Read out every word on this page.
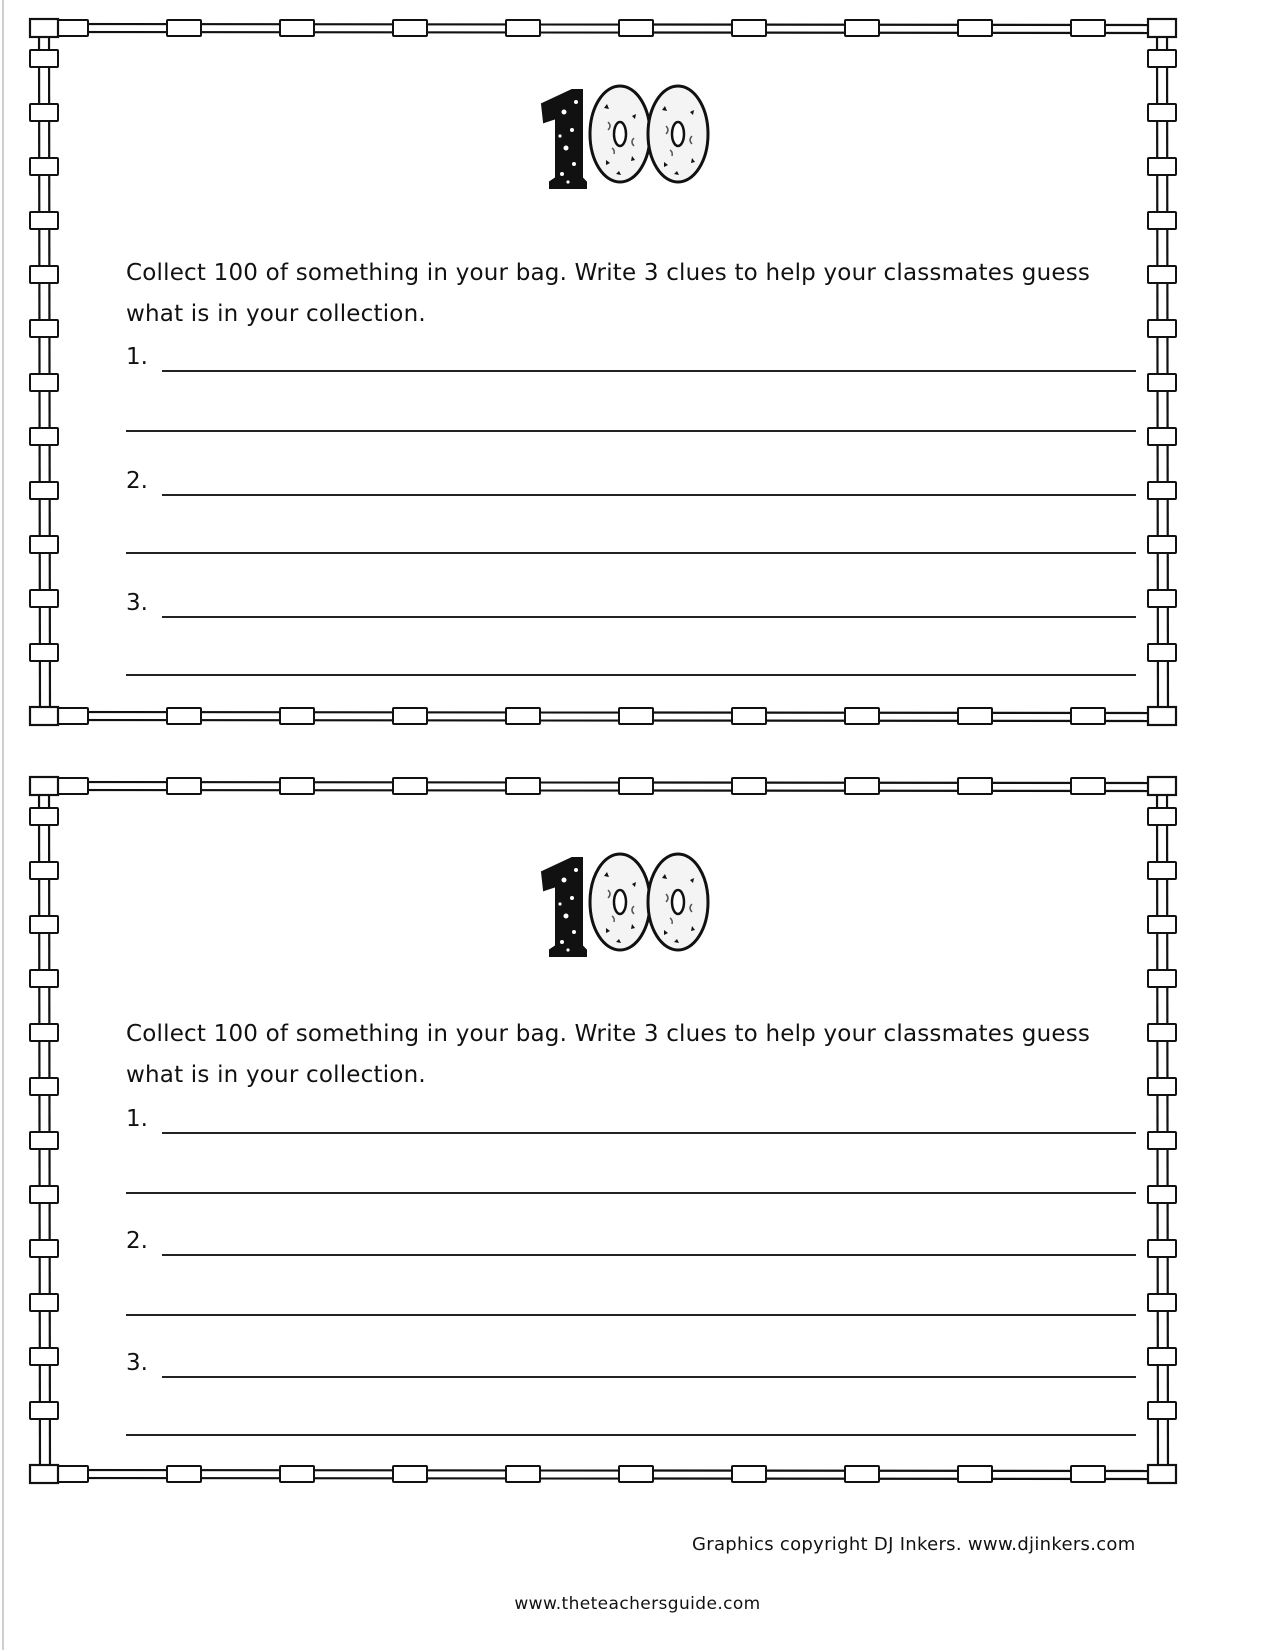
Collect 100 of something in your bag. Write 3 clues to help your classmates guess
what is in your collection.
1.
2.
3.
Collect 100 of something in your bag. Write 3 clues to help your classmates guess
what is in your collection.
1.
2.
3.
Graphics copyright DJ Inkers. www.djinkers.com
www.theteachersguide.com
